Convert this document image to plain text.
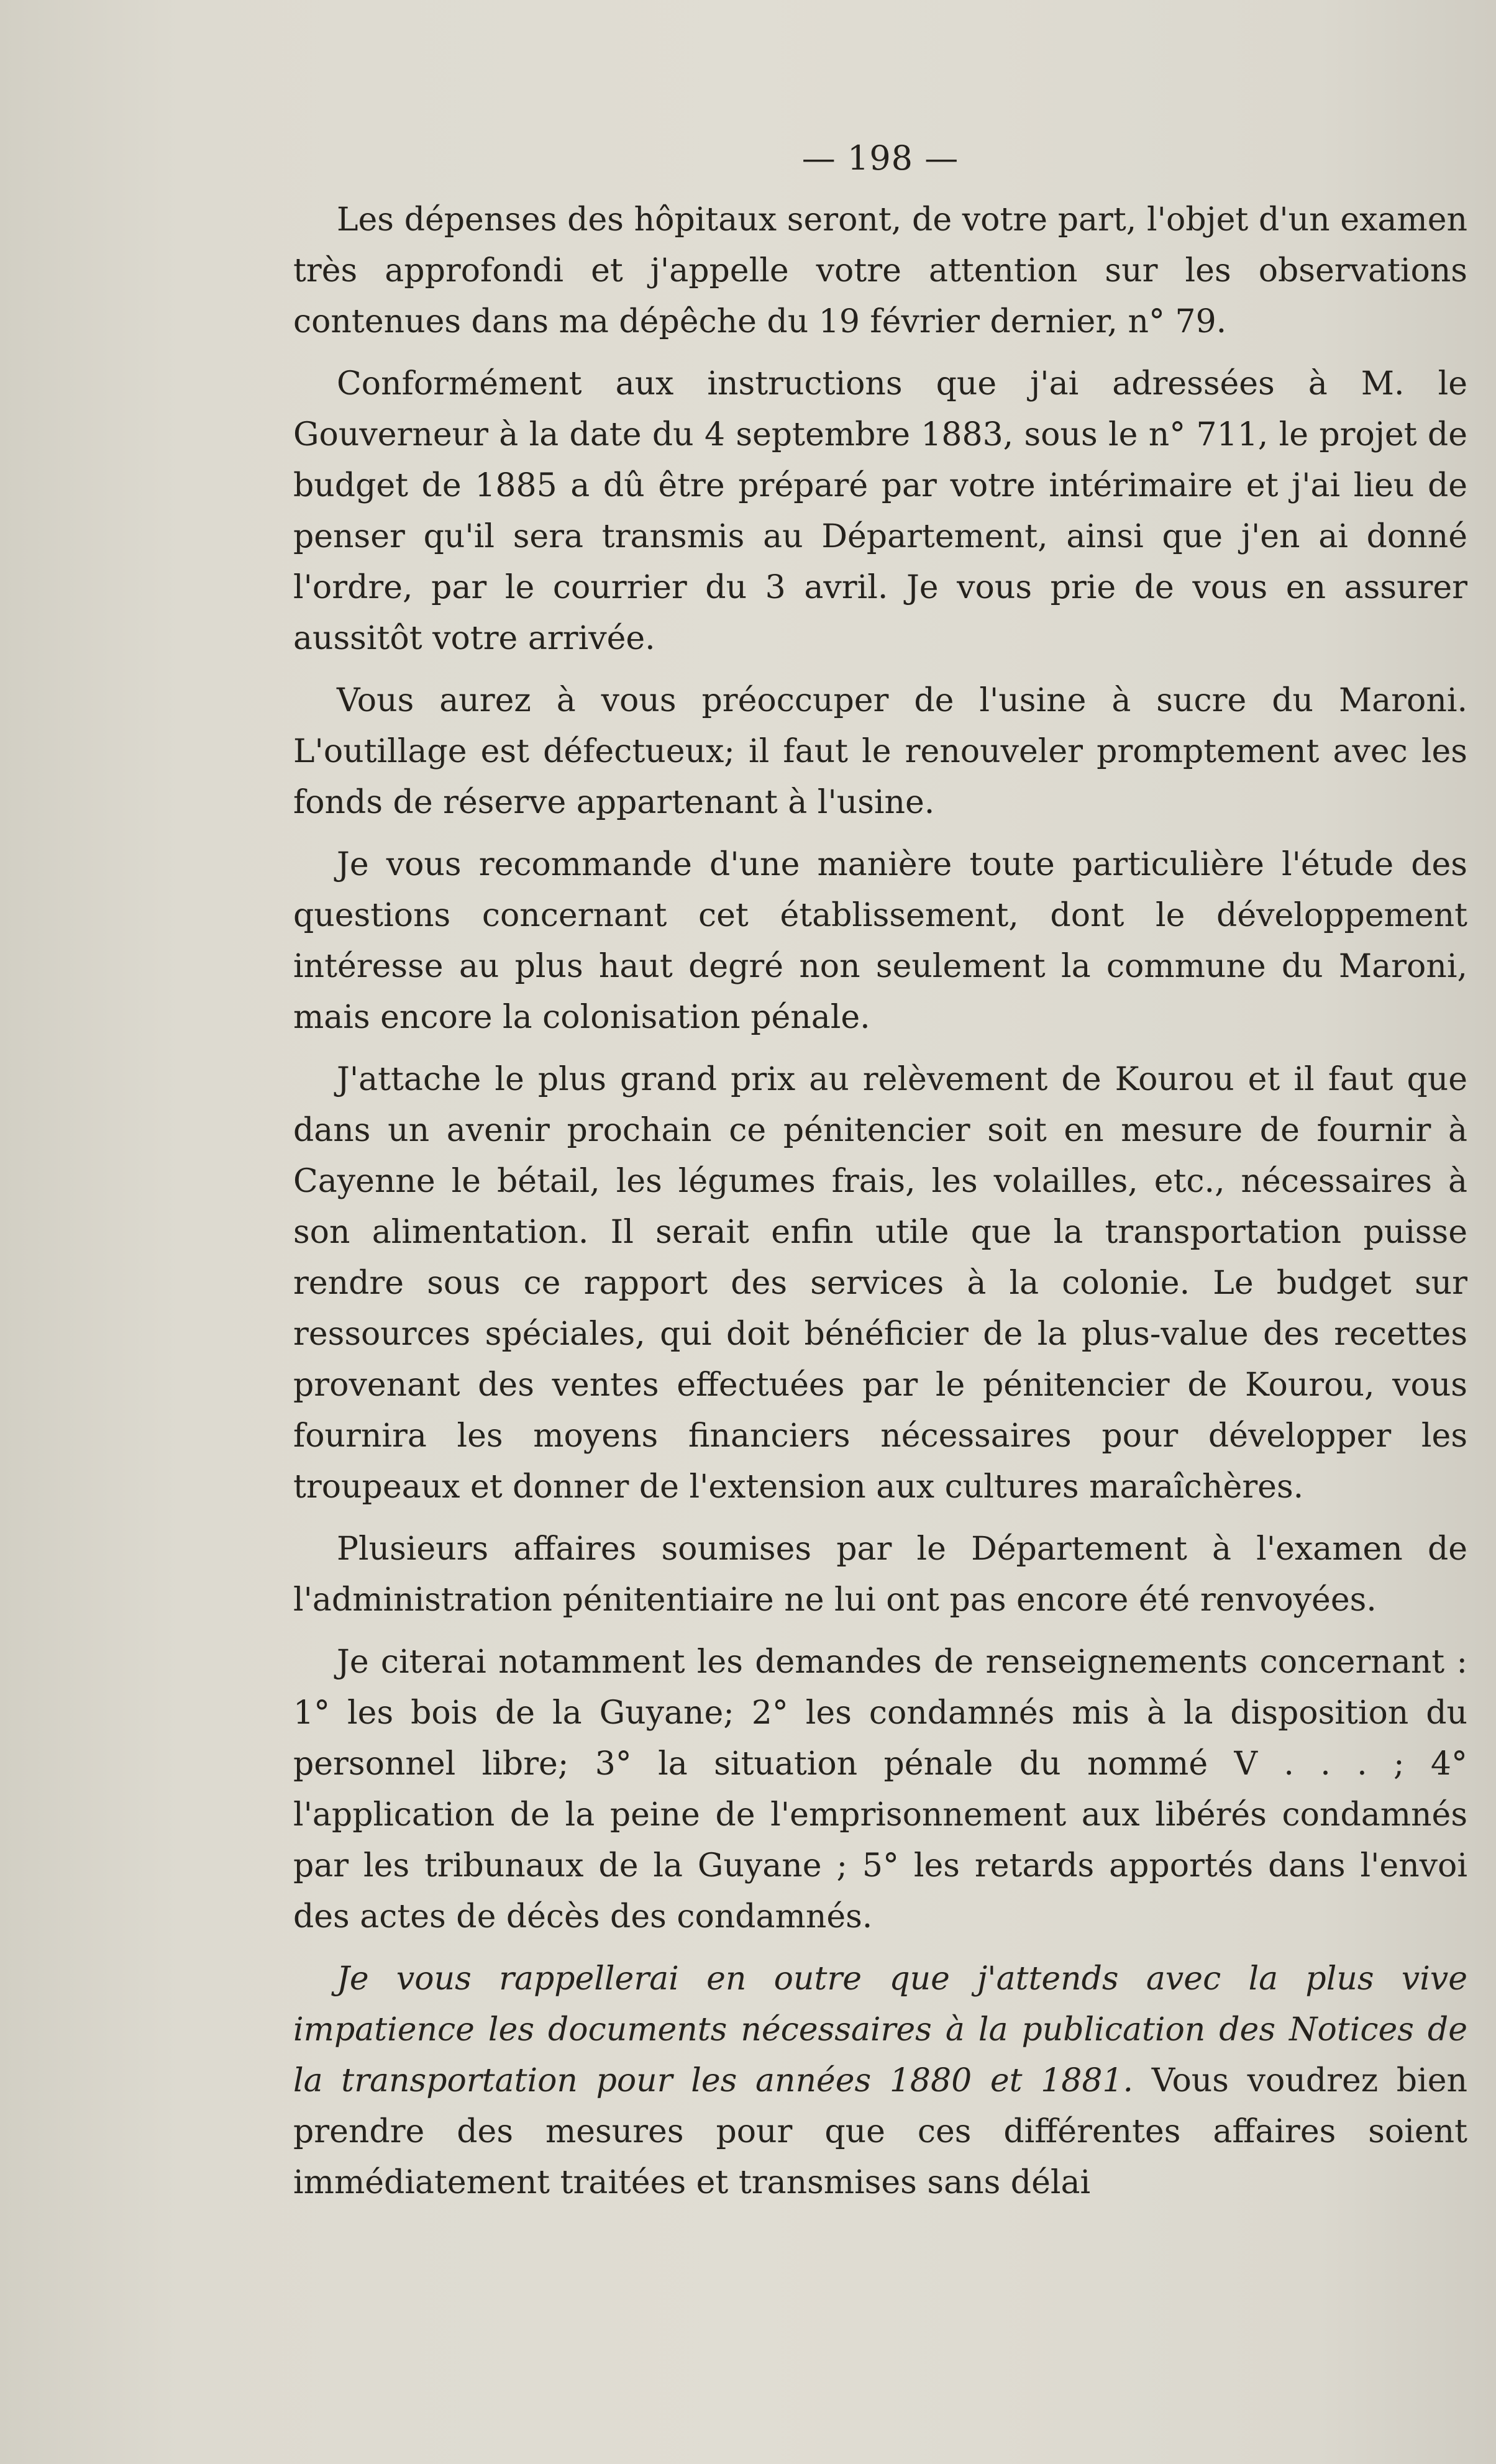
— 198 —

Les dépenses des hôpitaux seront, de votre part, l'objet d'un examen très approfondi et j'appelle votre attention sur les observations contenues dans ma dépêche du 19 février dernier, n° 79.

Conformément aux instructions que j'ai adressées à M. le Gouverneur à la date du 4 septembre 1883, sous le n° 711, le projet de budget de 1885 a dû être préparé par votre intérimaire et j'ai lieu de penser qu'il sera transmis au Département, ainsi que j'en ai donné l'ordre, par le courrier du 3 avril. Je vous prie de vous en assurer aussitôt votre arrivée.

Vous aurez à vous préoccuper de l'usine à sucre du Maroni. L'outillage est défectueux; il faut le renouveler promptement avec les fonds de réserve appartenant à l'usine.

Je vous recommande d'une manière toute particulière l'étude des questions concernant cet établissement, dont le développement intéresse au plus haut degré non seulement la commune du Maroni, mais encore la colonisation pénale.

J'attache le plus grand prix au relèvement de Kourou et il faut que dans un avenir prochain ce pénitencier soit en mesure de fournir à Cayenne le bétail, les légumes frais, les volailles, etc., nécessaires à son alimentation. Il serait enfin utile que la transportation puisse rendre sous ce rapport des services à la colonie. Le budget sur ressources spéciales, qui doit bénéficier de la plus-value des recettes provenant des ventes effectuées par le pénitencier de Kourou, vous fournira les moyens financiers nécessaires pour développer les troupeaux et donner de l'extension aux cultures maraîchères.

Plusieurs affaires soumises par le Département à l'examen de l'administration pénitentiaire ne lui ont pas encore été renvoyées.

Je citerai notamment les demandes de renseignements concernant : 1° les bois de la Guyane; 2° les condamnés mis à la disposition du personnel libre; 3° la situation pénale du nommé V . . . ; 4° l'application de la peine de l'emprisonnement aux libérés condamnés par les tribunaux de la Guyane ; 5° les retards apportés dans l'envoi des actes de décès des condamnés.

Je vous rappellerai en outre que j'attends avec la plus vive impatience les documents nécessaires à la publication des Notices de la transportation pour les années 1880 et 1881. Vous voudrez bien prendre des mesures pour que ces différentes affaires soient immédiatement traitées et transmises sans délai
